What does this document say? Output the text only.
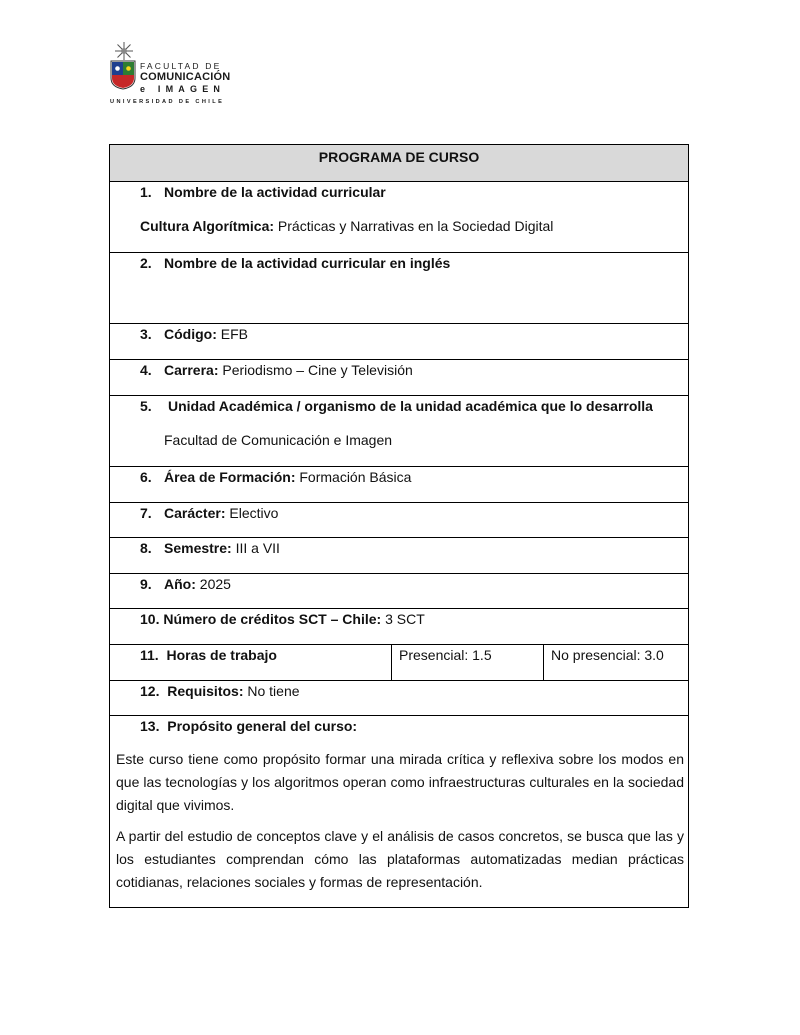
FACULTAD DE
COMUNICACIÓN
e IMAGEN
UNIVERSIDAD DE CHILE
PROGRAMA DE CURSO
1. Nombre de la actividad curricular
Cultura Algorítmica: Prácticas y Narrativas en la Sociedad Digital
2. Nombre de la actividad curricular en inglés
3. Código: EFB
4. Carrera: Periodismo – Cine y Televisión
5. Unidad Académica / organismo de la unidad académica que lo desarrolla
Facultad de Comunicación e Imagen
6. Área de Formación: Formación Básica
7. Carácter: Electivo
8. Semestre: III a VII
9. Año: 2025
10. Número de créditos SCT – Chile: 3 SCT
11. Horas de trabajo	Presencial: 1.5	No presencial: 3.0
12. Requisitos: No tiene
13. Propósito general del curso:
Este curso tiene como propósito formar una mirada crítica y reflexiva sobre los modos en que las tecnologías y los algoritmos operan como infraestructuras culturales en la sociedad digital que vivimos.
A partir del estudio de conceptos clave y el análisis de casos concretos, se busca que las y los estudiantes comprendan cómo las plataformas automatizadas median prácticas cotidianas, relaciones sociales y formas de representación.
